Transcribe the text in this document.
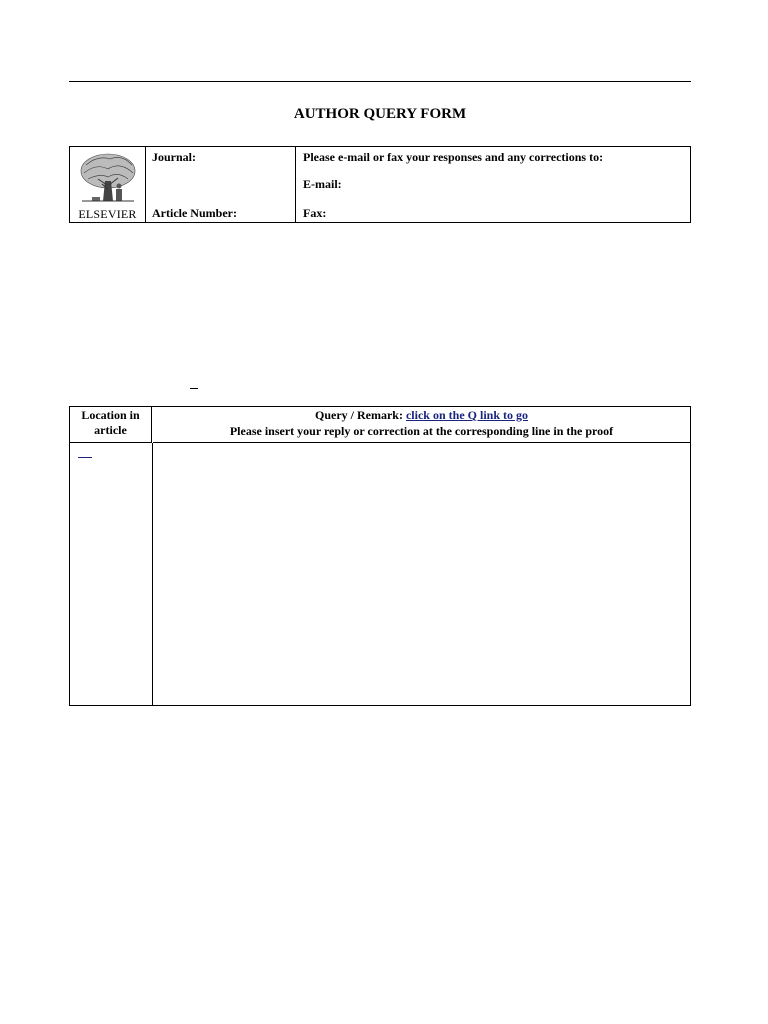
AUTHOR QUERY FORM
ELSEVIER
Journal:
Article Number:
Please e-mail or fax your responses and any corrections to:
E-mail:
Fax:
Location in
article
Query / Remark: click on the Q link to go
Please insert your reply or correction at the corresponding line in the proof
